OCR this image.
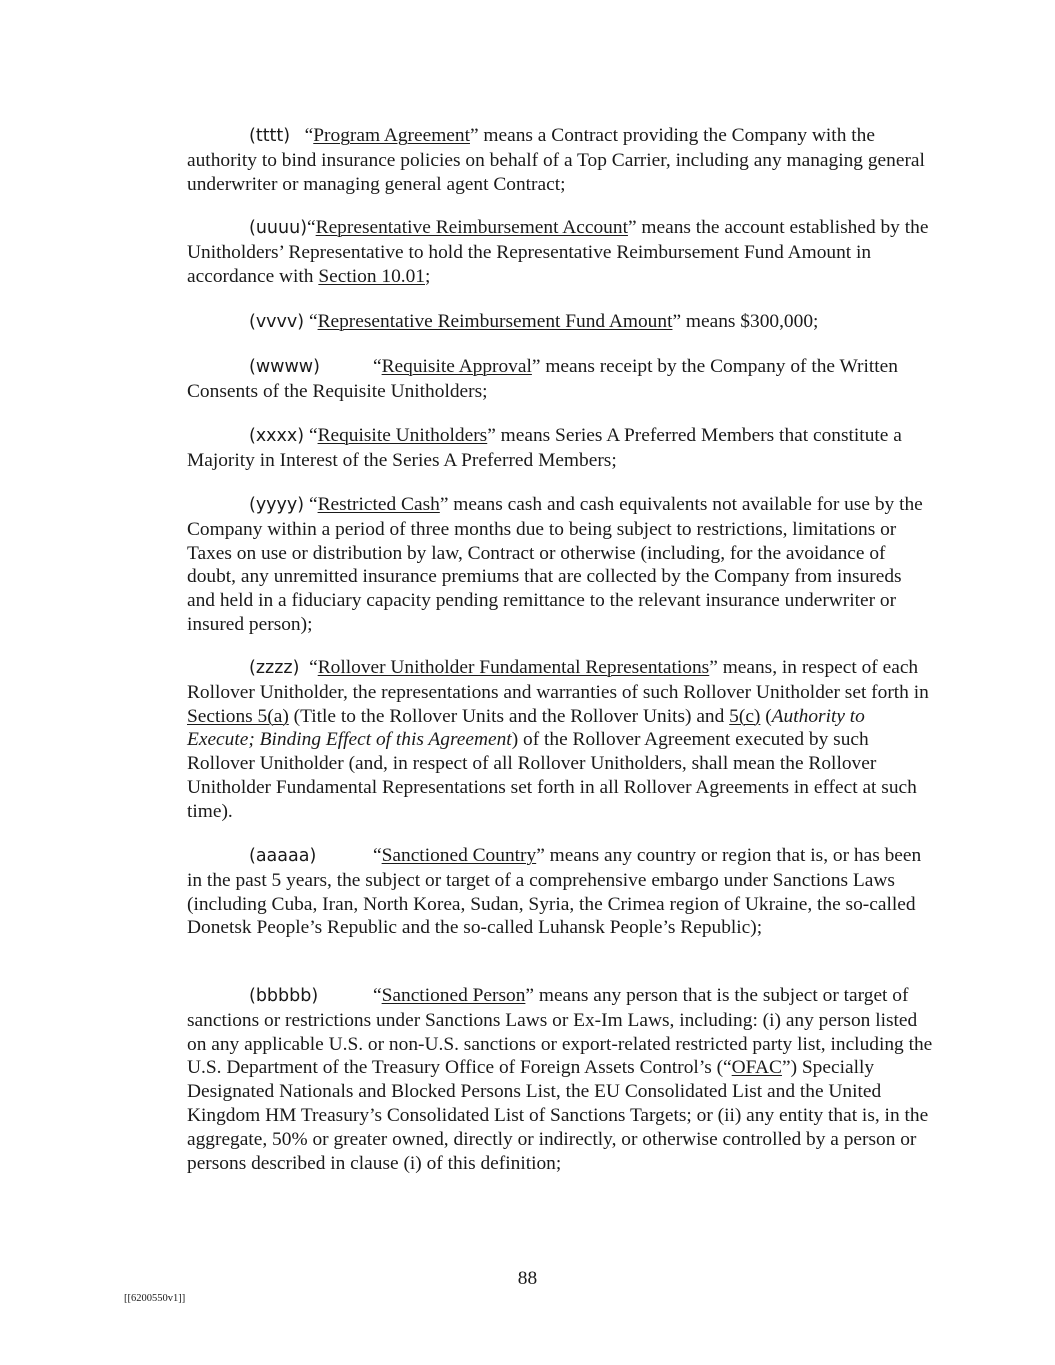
(tttt) “Program Agreement” means a Contract providing the Company with the authority to bind insurance policies on behalf of a Top Carrier, including any managing general underwriter or managing general agent Contract;

(uuuu)“Representative Reimbursement Account” means the account established by the Unitholders’ Representative to hold the Representative Reimbursement Fund Amount in accordance with Section 10.01;

(vvvv) “Representative Reimbursement Fund Amount” means $300,000;

(wwww)	“Requisite Approval” means receipt by the Company of the Written Consents of the Requisite Unitholders;

(xxxx) “Requisite Unitholders” means Series A Preferred Members that constitute a Majority in Interest of the Series A Preferred Members;

(yyyy) “Restricted Cash” means cash and cash equivalents not available for use by the Company within a period of three months due to being subject to restrictions, limitations or Taxes on use or distribution by law, Contract or otherwise (including, for the avoidance of doubt, any unremitted insurance premiums that are collected by the Company from insureds and held in a fiduciary capacity pending remittance to the relevant insurance underwriter or insured person);

(zzzz) “Rollover Unitholder Fundamental Representations” means, in respect of each Rollover Unitholder, the representations and warranties of such Rollover Unitholder set forth in Sections 5(a) (Title to the Rollover Units and the Rollover Units) and 5(c) (Authority to Execute; Binding Effect of this Agreement) of the Rollover Agreement executed by such Rollover Unitholder (and, in respect of all Rollover Unitholders, shall mean the Rollover Unitholder Fundamental Representations set forth in all Rollover Agreements in effect at such time).

(aaaaa)	“Sanctioned Country” means any country or region that is, or has been in the past 5 years, the subject or target of a comprehensive embargo under Sanctions Laws (including Cuba, Iran, North Korea, Sudan, Syria, the Crimea region of Ukraine, the so-called Donetsk People’s Republic and the so-called Luhansk People’s Republic);

(bbbbb)	“Sanctioned Person” means any person that is the subject or target of sanctions or restrictions under Sanctions Laws or Ex-Im Laws, including: (i) any person listed on any applicable U.S. or non-U.S. sanctions or export-related restricted party list, including the U.S. Department of the Treasury Office of Foreign Assets Control’s (“OFAC”) Specially Designated Nationals and Blocked Persons List, the EU Consolidated List and the United Kingdom HM Treasury’s Consolidated List of Sanctions Targets; or (ii) any entity that is, in the aggregate, 50% or greater owned, directly or indirectly, or otherwise controlled by a person or persons described in clause (i) of this definition;

88
[[6200550v1]]
